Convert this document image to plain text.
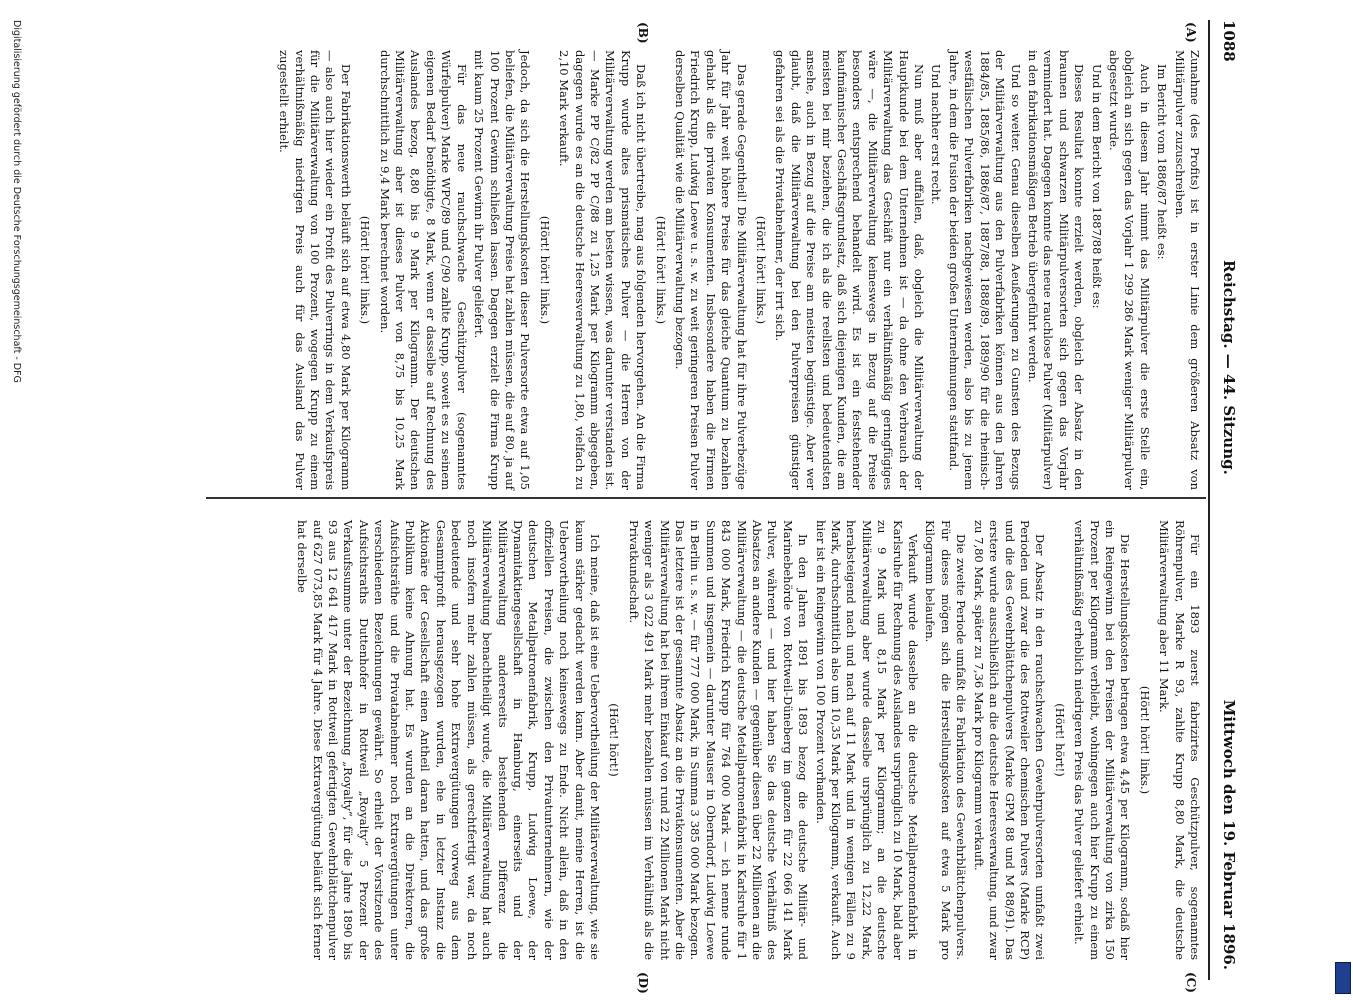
1088
Reichstag. — 44. Sitzung.
Mittwoch den 19. Februar 1896.
(A)
(B)
(C)
(D)

Zunahme (des Profits) ist in erster Linie dem größeren Absatz von Militärpulver zuzuschreiben.

Im Bericht vom 1886/87 heißt es:

Auch in diesem Jahr nimmt das Militärpulver die erste Stelle ein, obgleich an sich gegen das Vorjahr 1 299 286 Mark weniger Militärpulver abgesetzt wurde.

Und in dem Bericht von 1887/88 heißt es:

Dieses Resultat konnte erzielt werden, obgleich der Absatz in den braunen und schwarzen Militärpulversorten sich gegen das Vorjahr vermindert hat. Dagegen konnte das neue rauchlose Pulver (Militärpulver) in den fabrikationsmäßigen Betrieb übergeführt werden.

Und so weiter. Genau dieselben Aeußerungen zu Gunsten des Bezugs der Militärverwaltung aus den Pulverfabriken können aus den Jahren 1884/85, 1885/86, 1886/87, 1887/88, 1888/89, 1889/90 für die rheinisch-westfälischen Pulverfabriken nachgewiesen werden, also bis zu jenem Jahre, in dem die Fusion der beiden großen Unternehmungen stattfand.

Und nachher erst recht.

Nun muß aber auffallen, daß, obgleich die Militärverwaltung der Hauptkunde bei dem Unternehmen ist — da ohne den Verbrauch der Militärverwaltung das Geschäft nur ein verhältnißmäßig geringfügiges wäre —, die Militärverwaltung keineswegs in Bezug auf die Preise besonders entsprechend behandelt wird. Es ist ein feststehender kaufmännischer Geschäftsgrundsatz, daß sich diejenigen Kunden, die am meisten bei mir beziehen, die ich als die reellsten und bedeutendsten ansehe, auch in Bezug auf die Preise am meisten begünstige. Aber wer glaubt, daß die Militärverwaltung bei den Pulverpreisen günstiger gefahren sei als die Privatabnehmer, der irrt sich.

(Hört! hört! links.)

Das gerade Gegentheil! Die Militärverwaltung hat für ihre Pulverbezüge Jahr für Jahr weit höhere Preise für das gleiche Quantum zu bezahlen gehabt als die privaten Konsumenten. Insbesondere haben die Firmen Friedrich Krupp, Ludwig Loewe u. s. w. zu weit geringeren Preisen Pulver derselben Qualität wie die Militärverwaltung bezogen.

(Hört! hört! links.)

Daß ich nicht übertreibe, mag aus folgenden hervorgehen. An die Firma Krupp wurde altes prismatisches Pulver — die Herren von der Militärverwaltung werden am besten wissen, was darunter verstanden ist. — Marke PP C/82 PP C/88 zu 1,25 Mark per Kilogramm abgegeben, dagegen wurde es an die deutsche Heeresverwaltung zu 1,80, vielfach zu 2,10 Mark verkauft.

(Hört! hört! links.)

Jedoch, da sich die Herstellungskosten dieser Pulversorte etwa auf 1,05 beliefen, die Militärverwaltung Preise hat zahlen müssen, die auf 80, ja auf 100 Prozent Gewinn schließen lassen. Dagegen erzielt die Firma Krupp mit kaum 25 Prozent Gewinn ihr Pulver geliefert.

Für das neue rauchschwache Geschützpulver (sogenanntes Würfelpulver) Marke WPC/89 und C/90 zahlte Krupp, soweit es zu seinem eigenen Bedarf benöthigte, 8 Mark, wenn er dasselbe auf Rechnung des Auslandes bezog, 8,80 bis 9 Mark per Kilogramm. Der deutschen Militärverwaltung aber ist dieses Pulver von 8,75 bis 10,25 Mark durchschnittlich zu 9,4 Mark berechnet worden.

(Hört! hört! links.)

Der Fabrikationswerth beläuft sich auf etwa 4,80 Mark per Kilogramm — also auch hier wieder ein Profit des Pulverrings in dem Verkaufspreis für die Militärverwaltung von 100 Prozent, wogegen Krupp zu einem verhältnißmäßig niedrigen Preis auch für das Ausland das Pulver zugestellt erhielt.

Für ein 1893 zuerst fabrizirtes Geschützpulver, sogenanntes Röhrenpulver, Marke R 93, zahlte Krupp 8,80 Mark, die deutsche Militärverwaltung aber 11 Mark.

(Hört! hört! links.)

Die Herstellungskosten betragen etwa 4,45 per Kilogramm, sodaß hier ein Reingewinn bei den Preisen der Militärverwaltung von zirka 150 Prozent per Kilogramm verbleibt, wohingegen auch hier Krupp zu einem verhältnißmäßig erheblich niedrigeren Preis das Pulver geliefert erhielt.

(Hört! hört!)

Der Absatz in den rauchschwachen Gewehrpulversorten umfaßt zwei Perioden und zwar die des Rottweiler chemischen Pulvers (Marke RCP) und die des Gewehrblättchenpulvers (Marke GPM 88 und M 88/91). Das erstere wurde ausschließlich an die deutsche Heeresverwaltung, und zwar zu 7,80 Mark, später zu 7,36 Mark pro Kilogramm verkauft.

Die zweite Periode umfaßt die Fabrikation des Gewehrblättchenpulvers. Für dieses mögen sich die Herstellungskosten auf etwa 5 Mark pro Kilogramm belaufen.

Verkauft wurde dasselbe an die deutsche Metallpatronenfabrik in Karlsruhe für Rechnung des Auslandes ursprünglich zu 10 Mark, bald aber zu 9 Mark und 8,15 Mark per Kilogramm; an die deutsche Militärverwaltung aber wurde dasselbe ursprünglich zu 12,22 Mark, herabsteigend nach und nach auf 11 Mark und in wenigen Fällen zu 9 Mark, durchschnittlich also um 10,35 Mark per Kilogramm, verkauft. Auch hier ist ein Reingewinn von 100 Prozent vorhanden.

In den Jahren 1891 bis 1893 bezog die deutsche Militär- und Marinebehörde von Rottweil-Düneberg im ganzen für 22 066 141 Mark Pulver, während — und hier haben Sie das deutsche Verhältniß des Absatzes an andere Kunden — gegenüber diesen über 22 Millionen an die Militärverwaltung — die deutsche Metallpatronenfabrik in Karlsruhe für 1 843 000 Mark, Friedrich Krupp für 764 000 Mark — ich nenne runde Summen und insgemein — darunter Mauser in Oberndorf, Ludwig Loewe in Berlin u. s. w. — für 777 000 Mark, in Summa 3 385 000 Mark bezogen. Das letztere ist der gesammte Absatz an die Privatkonsumenten. Aber die Militärverwaltung hat bei ihrem Einkauf von rund 22 Millionen Mark nicht weniger als 3 022 491 Mark mehr bezahlen müssen im Verhältniß als die Privatkundschaft.

(Hört! hört!)

Ich meine, daß ist eine Uebervortheilung der Militärverwaltung, wie sie kaum stärker gedacht werden kann. Aber damit, meine Herren, ist die Uebervortheilung noch keineswegs zu Ende. Nicht allein, daß in den offiziellen Preisen, die zwischen den Privatunternehmern, wie der deutschen Metallpatronenfabrik, Krupp, Ludwig Loewe, der Dynamitaktiengesellschaft in Hamburg, einerseits und der Militärverwaltung andererseits bestehenden Differenz die Militärverwaltung benachtheiligt wurde, die Militärverwaltung hat auch noch insofern mehr zahlen müssen, als gerechtfertigt war, da noch bedeutende und sehr hohe Extravergütungen vorweg aus dem Gesammtprofit herausgezogen wurden, ehe in letzter Instanz die Aktionäre der Gesellschaft einen Antheil daran hatten, und das große Publikum keine Ahnung hat. Es wurden an die Direktoren, die Aufsichtsräthe und die Privatabnehmer noch Extravergütungen unter verschiedenen Bezeichnungen gewährt. So erhielt der Vorsitzende des Aufsichtsraths Duttenhofer in Rottweil „Royalty“ 5 Prozent der Verkaufssumme unter der Bezeichnung „Royalty“, für die Jahre 1890 bis 93 aus 12 641 417 Mark in Rottweil gefertigten Gewehrblättchenpulver auf 627 073,85 Mark für 4 Jahre. Diese Extravergütung beläuft sich ferner hat derselbe

Digitalisierung gefördert durch die Deutsche Forschungsgemeinschaft - DFG
